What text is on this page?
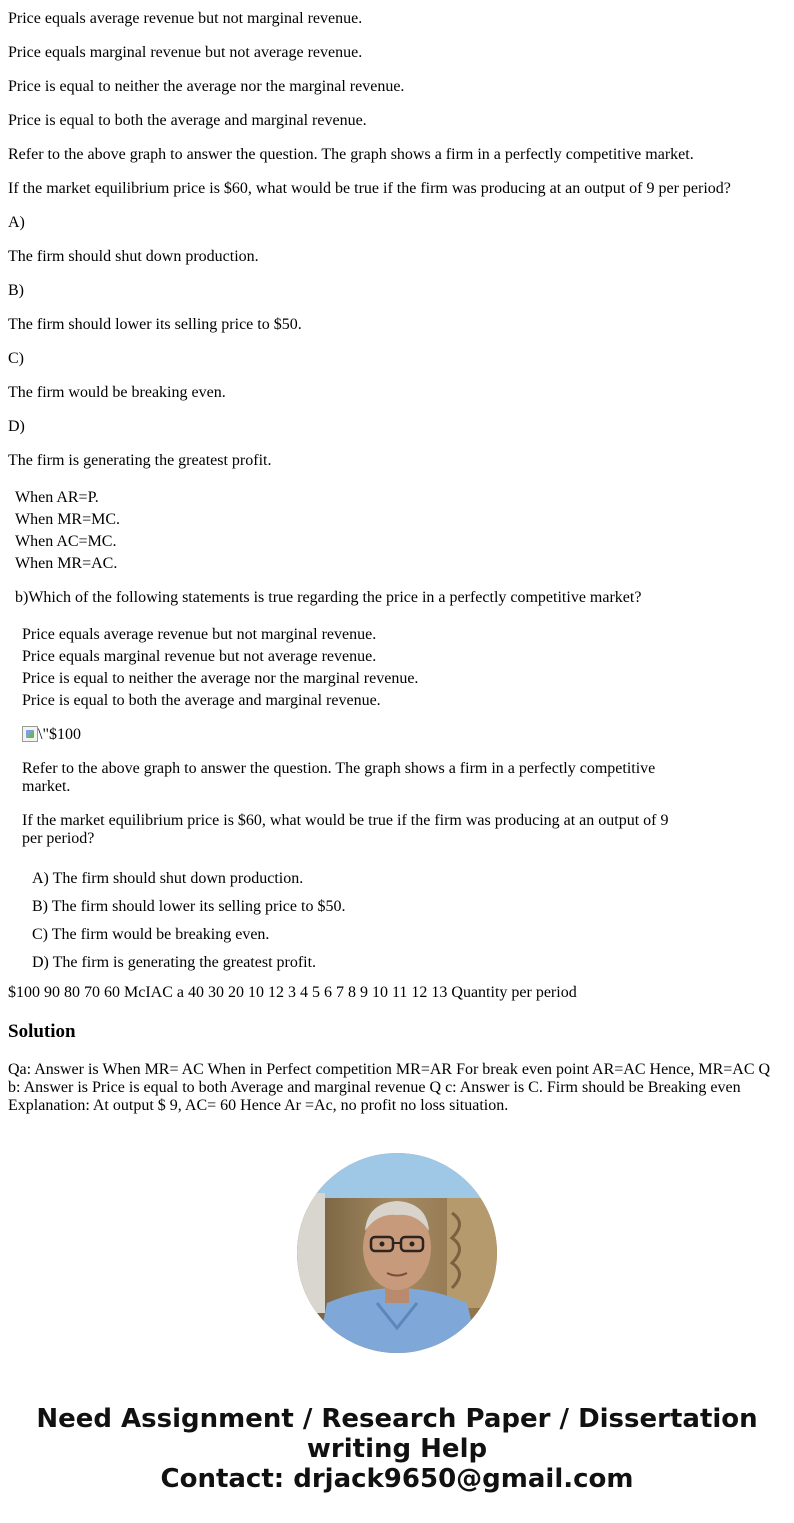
Price equals average revenue but not marginal revenue.

Price equals marginal revenue but not average revenue.

Price is equal to neither the average nor the marginal revenue.

Price is equal to both the average and marginal revenue.

Refer to the above graph to answer the question. The graph shows a firm in a perfectly competitive market.

If the market equilibrium price is $60, what would be true if the firm was producing at an output of 9 per period?

A)

The firm should shut down production.

B)

The firm should lower its selling price to $50.

C)

The firm would be breaking even.

D)

The firm is generating the greatest profit.

When AR=P.
When MR=MC.
When AC=MC.
When MR=AC.

b)Which of the following statements is true regarding the price in a perfectly competitive market?

Price equals average revenue but not marginal revenue.
Price equals marginal revenue but not average revenue.
Price is equal to neither the average nor the marginal revenue.
Price is equal to both the average and marginal revenue.
\"$100

Refer to the above graph to answer the question. The graph shows a firm in a perfectly competitive market.

If the market equilibrium price is $60, what would be true if the firm was producing at an output of 9 per period?

A) The firm should shut down production.
B) The firm should lower its selling price to $50.
C) The firm would be breaking even.
D) The firm is generating the greatest profit.

$100 90 80 70 60 McIAC a 40 30 20 10 12 3 4 5 6 7 8 9 10 11 12 13 Quantity per period

Solution

Qa: Answer is When MR= AC When in Perfect competition MR=AR For break even point AR=AC Hence, MR=AC Q b: Answer is Price is equal to both Average and marginal revenue Q c: Answer is C. Firm should be Breaking even Explanation: At output $ 9, AC= 60 Hence Ar =Ac, no profit no loss situation.

Need Assignment / Research Paper / Dissertation
writing Help
Contact: drjack9650@gmail.com
